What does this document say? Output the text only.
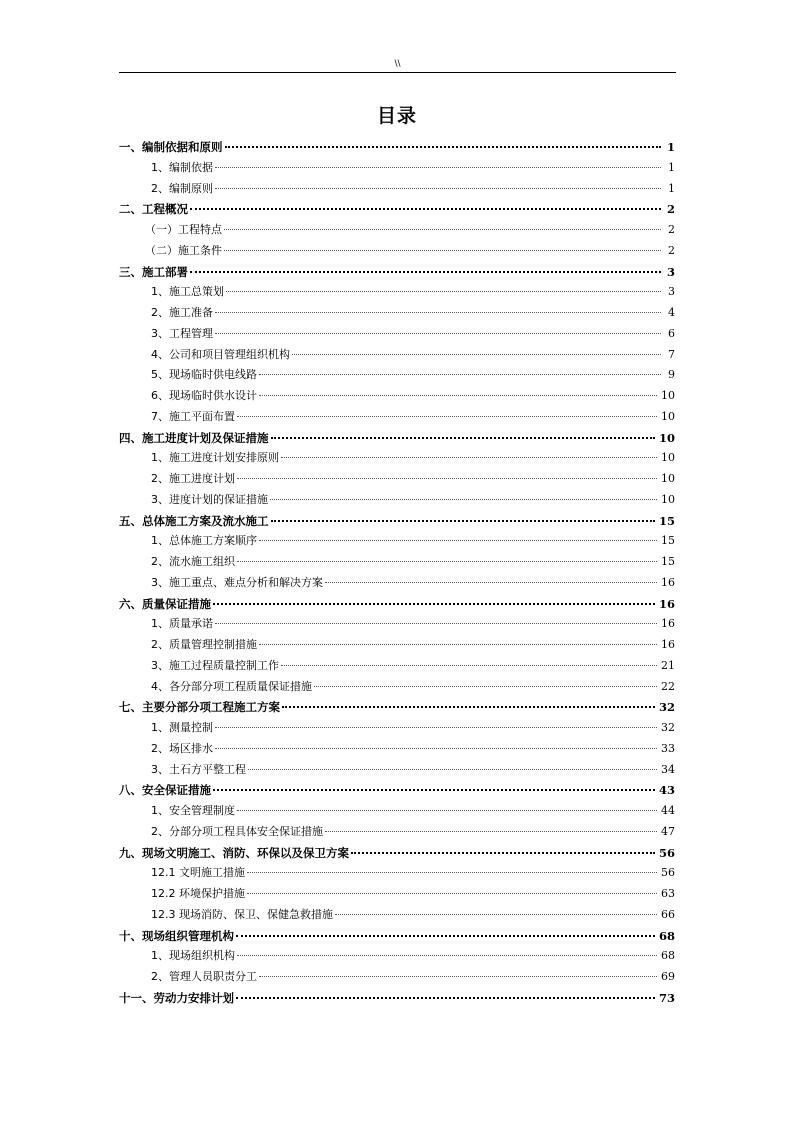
\\
目录
一、编制依据和原则	1
1、编制依据	1
2、编制原则	1
二、工程概况	2
（一）工程特点	2
（二）施工条件	2
三、施工部署	3
1、施工总策划	3
2、施工准备	4
3、工程管理	6
4、公司和项目管理组织机构	7
5、现场临时供电线路	9
6、现场临时供水设计	10
7、施工平面布置	10
四、施工进度计划及保证措施	10
1、施工进度计划安排原则	10
2、施工进度计划	10
3、进度计划的保证措施	10
五、总体施工方案及流水施工	15
1、总体施工方案顺序	15
2、流水施工组织	15
3、施工重点、难点分析和解决方案	16
六、质量保证措施	16
1、质量承诺	16
2、质量管理控制措施	16
3、施工过程质量控制工作	21
4、各分部分项工程质量保证措施	22
七、主要分部分项工程施工方案	32
1、测量控制	32
2、场区排水	33
3、土石方平整工程	34
八、安全保证措施	43
1、安全管理制度	44
2、分部分项工程具体安全保证措施	47
九、现场文明施工、消防、环保以及保卫方案	56
12.1 文明施工措施	56
12.2 环境保护措施	63
12.3 现场消防、保卫、保健急救措施	66
十、现场组织管理机构	68
1、现场组织机构	68
2、管理人员职责分工	69
十一、劳动力安排计划	73
